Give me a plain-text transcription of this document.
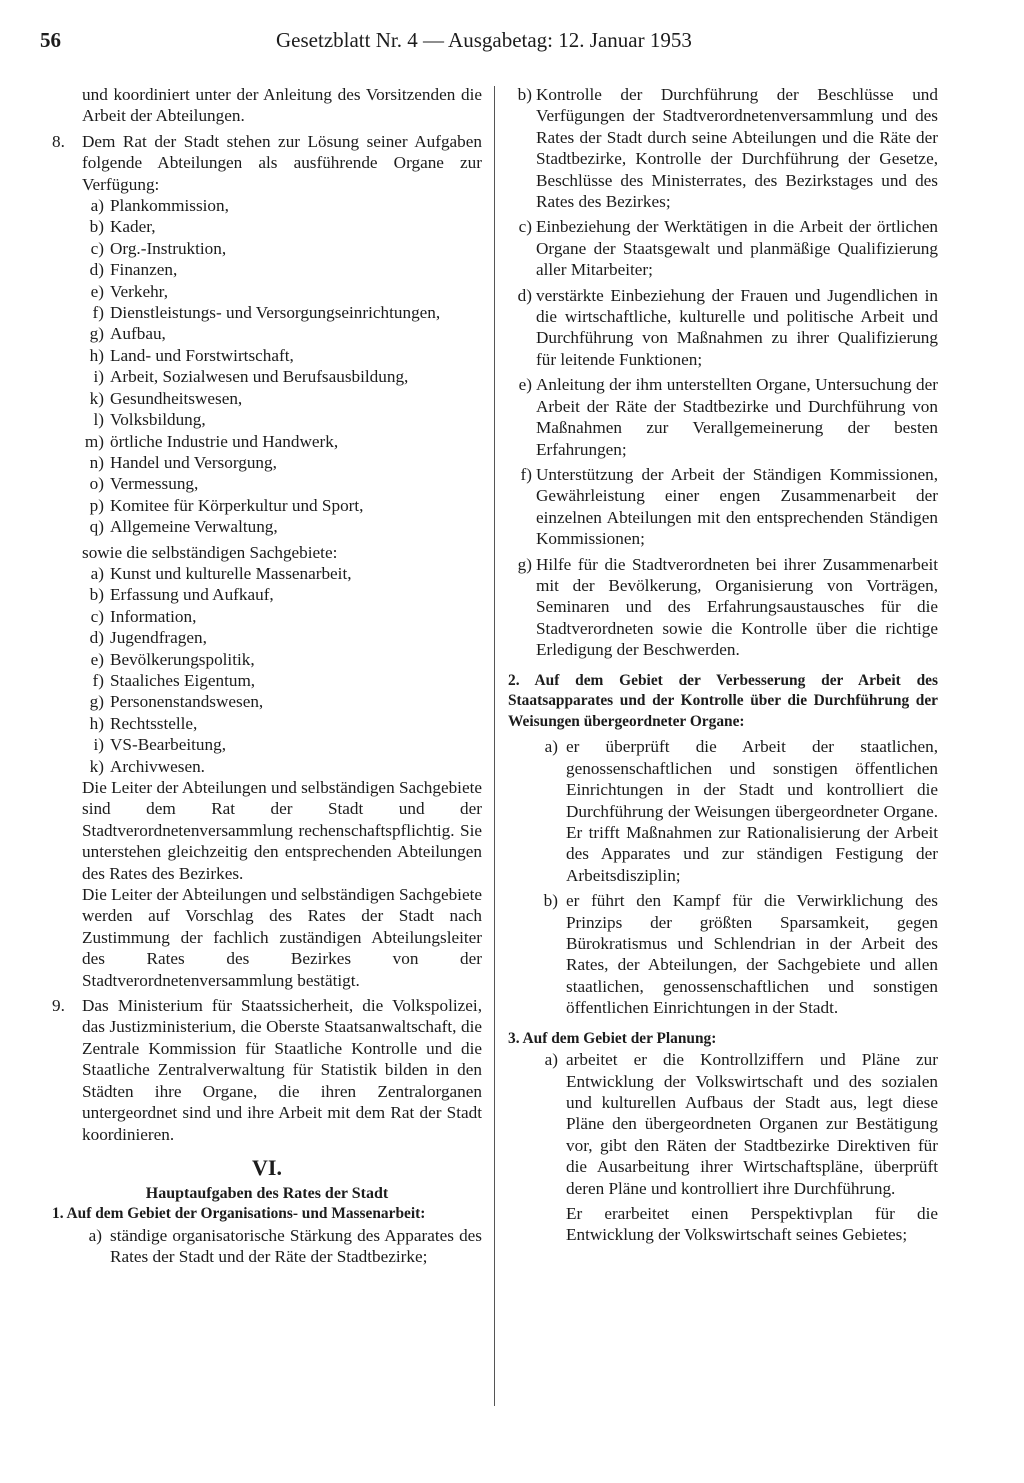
56	Gesetzblatt Nr. 4 — Ausgabetag: 12. Januar 1953

und koordiniert unter der Anleitung des Vorsitzenden die Arbeit der Abteilungen.

8. Dem Rat der Stadt stehen zur Lösung seiner Aufgaben folgende Abteilungen als ausführende Organe zur Verfügung:

a) Plankommission,
b) Kader,
c) Org.-Instruktion,
d) Finanzen,
e) Verkehr,
f) Dienstleistungs- und Versorgungseinrichtungen,
g) Aufbau,
h) Land- und Forstwirtschaft,
i) Arbeit, Sozialwesen und Berufsausbildung,
k) Gesundheitswesen,
l) Volksbildung,
m) örtliche Industrie und Handwerk,
n) Handel und Versorgung,
o) Vermessung,
p) Komitee für Körperkultur und Sport,
q) Allgemeine Verwaltung,

sowie die selbständigen Sachgebiete:

a) Kunst und kulturelle Massenarbeit,
b) Erfassung und Aufkauf,
c) Information,
d) Jugendfragen,
e) Bevölkerungspolitik,
f) Staaliches Eigentum,
g) Personenstandswesen,
h) Rechtsstelle,
i) VS-Bearbeitung,
k) Archivwesen.

Die Leiter der Abteilungen und selbständigen Sachgebiete sind dem Rat der Stadt und der Stadtverordnetenversammlung rechenschaftspflichtig. Sie unterstehen gleichzeitig den entsprechenden Abteilungen des Rates des Bezirkes.

Die Leiter der Abteilungen und selbständigen Sachgebiete werden auf Vorschlag des Rates der Stadt nach Zustimmung der fachlich zuständigen Abteilungsleiter des Rates des Bezirkes von der Stadtverordnetenversammlung bestätigt.

9. Das Ministerium für Staatssicherheit, die Volkspolizei, das Justizministerium, die Oberste Staatsanwaltschaft, die Zentrale Kommission für Staatliche Kontrolle und die Staatliche Zentralverwaltung für Statistik bilden in den Städten ihre Organe, die ihren Zentralorganen untergeordnet sind und ihre Arbeit mit dem Rat der Stadt koordinieren.

VI.
Hauptaufgaben des Rates der Stadt
1. Auf dem Gebiet der Organisations- und Massenarbeit:
a) ständige organisatorische Stärkung des Apparates des Rates der Stadt und der Räte der Stadtbezirke;
b) Kontrolle der Durchführung der Beschlüsse und Verfügungen der Stadtverordnetenversammlung und des Rates der Stadt durch seine Abteilungen und die Räte der Stadtbezirke, Kontrolle der Durchführung der Gesetze, Beschlüsse des Ministerrates, des Bezirkstages und des Rates des Bezirkes;
c) Einbeziehung der Werktätigen in die Arbeit der örtlichen Organe der Staatsgewalt und planmäßige Qualifizierung aller Mitarbeiter;
d) verstärkte Einbeziehung der Frauen und Jugendlichen in die wirtschaftliche, kulturelle und politische Arbeit und Durchführung von Maßnahmen zu ihrer Qualifizierung für leitende Funktionen;
e) Anleitung der ihm unterstellten Organe, Untersuchung der Arbeit der Räte der Stadtbezirke und Durchführung von Maßnahmen zur Verallgemeinerung der besten Erfahrungen;
f) Unterstützung der Arbeit der Ständigen Kommissionen, Gewährleistung einer engen Zusammenarbeit der einzelnen Abteilungen mit den entsprechenden Ständigen Kommissionen;
g) Hilfe für die Stadtverordneten bei ihrer Zusammenarbeit mit der Bevölkerung, Organisierung von Vorträgen, Seminaren und des Erfahrungsaustausches für die Stadtverordneten sowie die Kontrolle über die richtige Erledigung der Beschwerden.
2. Auf dem Gebiet der Verbesserung der Arbeit des Staatsapparates und der Kontrolle über die Durchführung der Weisungen übergeordneter Organe:
a) er überprüft die Arbeit der staatlichen, genossenschaftlichen und sonstigen öffentlichen Einrichtungen in der Stadt und kontrolliert die Durchführung der Weisungen übergeordneter Organe. Er trifft Maßnahmen zur Rationalisierung der Arbeit des Apparates und zur ständigen Festigung der Arbeitsdisziplin;
b) er führt den Kampf für die Verwirklichung des Prinzips der größten Sparsamkeit, gegen Bürokratismus und Schlendrian in der Arbeit des Rates, der Abteilungen, der Sachgebiete und allen staatlichen, genossenschaftlichen und sonstigen öffentlichen Einrichtungen in der Stadt.
3. Auf dem Gebiet der Planung:
a) arbeitet er die Kontrollziffern und Pläne zur Entwicklung der Volkswirtschaft und des sozialen und kulturellen Aufbaus der Stadt aus, legt diese Pläne den übergeordneten Organen zur Bestätigung vor, gibt den Räten der Stadtbezirke Direktiven für die Ausarbeitung ihrer Wirtschaftspläne, überprüft deren Pläne und kontrolliert ihre Durchführung.

Er erarbeitet einen Perspektivplan für die Entwicklung der Volkswirtschaft seines Gebietes;
